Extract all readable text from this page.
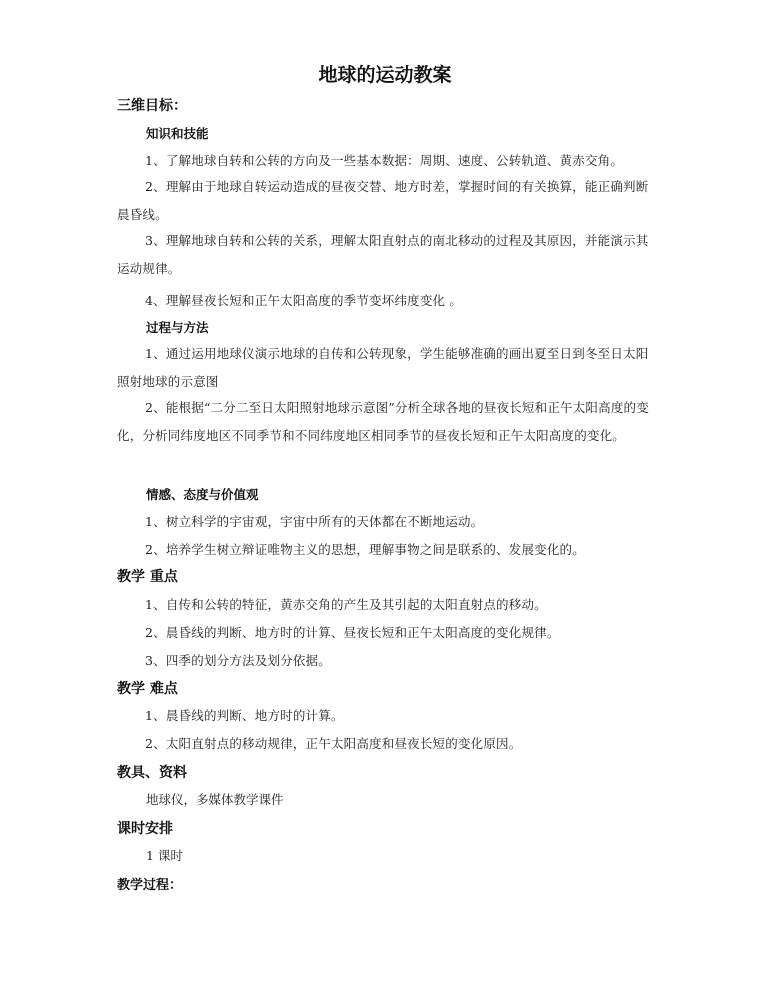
地球的运动教案
三维目标：
知识和技能
1、了解地球自转和公转的方向及一些基本数据：周期、速度、公转轨道、黄赤交角。
2、理解由于地球自转运动造成的昼夜交替、地方时差，掌握时间的有关换算，能正确判断晨昏线。
3、理解地球自转和公转的关系，理解太阳直射点的南北移动的过程及其原因，并能演示其运动规律。
4、理解昼夜长短和正午太阳高度的季节变坏纬度变化 。
过程与方法
1、通过运用地球仪演示地球的自传和公转现象，学生能够准确的画出夏至日到冬至日太阳照射地球的示意图
2、能根据“二分二至日太阳照射地球示意图”分析全球各地的昼夜长短和正午太阳高度的变化，分析同纬度地区不同季节和不同纬度地区相同季节的昼夜长短和正午太阳高度的变化。
情感、态度与价值观
1、树立科学的宇宙观，宇宙中所有的天体都在不断地运动。
2、培养学生树立辩证唯物主义的思想，理解事物之间是联系的、发展变化的。
教学 重点
1、自传和公转的特征，黄赤交角的产生及其引起的太阳直射点的移动。
2、晨昏线的判断、地方时的计算、昼夜长短和正午太阳高度的变化规律。
3、四季的划分方法及划分依据。
教学 难点
1、晨昏线的判断、地方时的计算。
2、太阳直射点的移动规律，正午太阳高度和昼夜长短的变化原因。
教具、资料
地球仪，多媒体教学课件
课时安排
1 课时
教学过程：
